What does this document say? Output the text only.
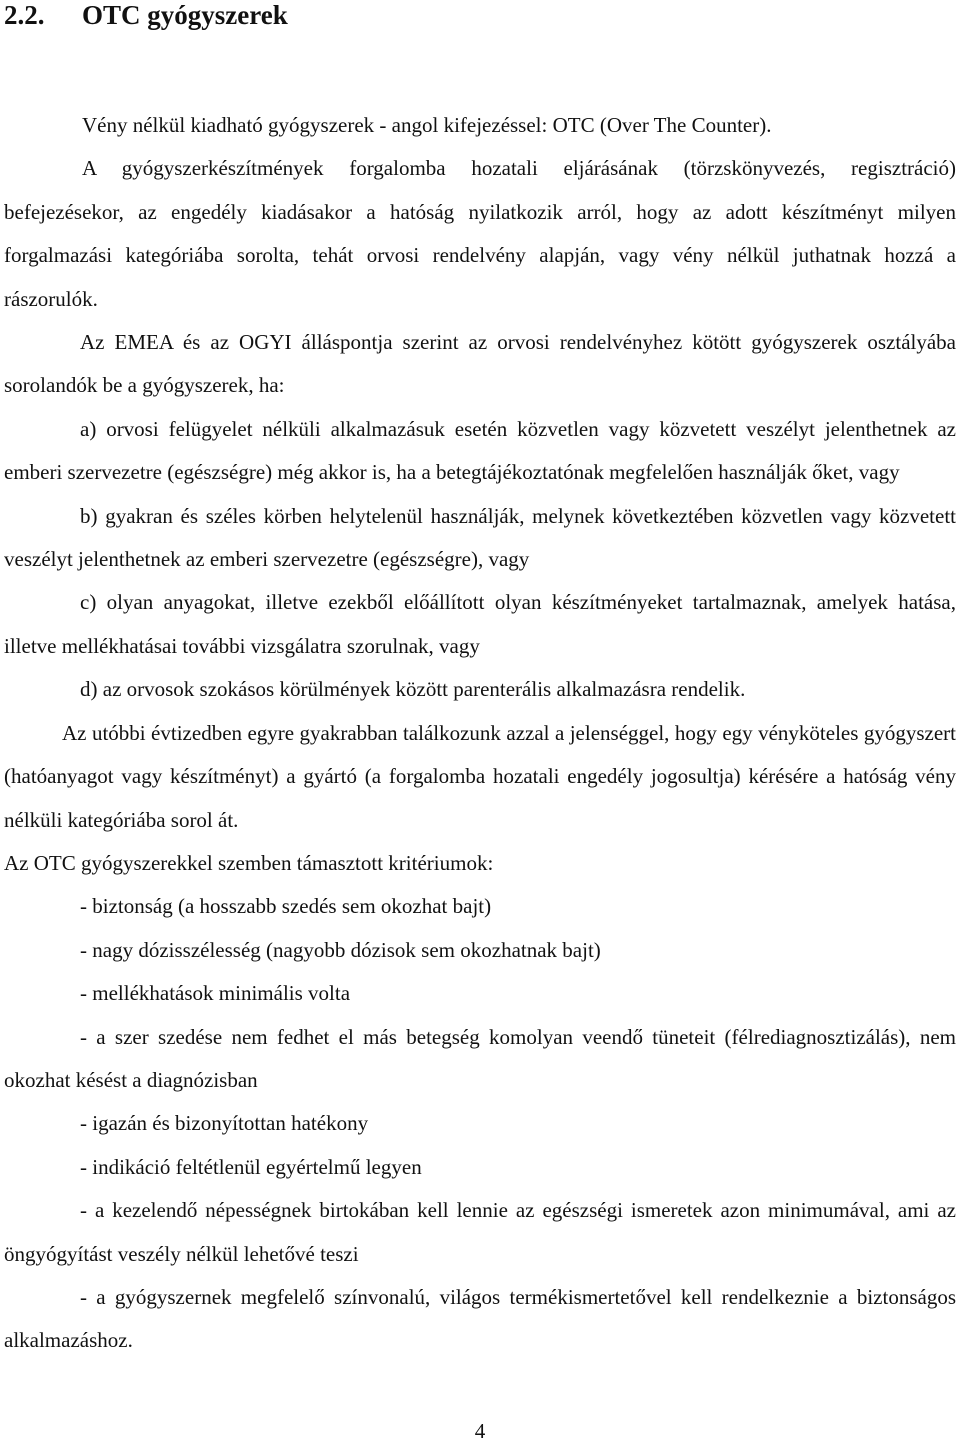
2.2. OTC gyógyszerek

Vény nélkül kiadható gyógyszerek - angol kifejezéssel: OTC (Over The Counter).

A gyógyszerkészítmények forgalomba hozatali eljárásának (törzskönyvezés, regisztráció) befejezésekor, az engedély kiadásakor a hatóság nyilatkozik arról, hogy az adott készítményt milyen forgalmazási kategóriába sorolta, tehát orvosi rendelvény alapján, vagy vény nélkül juthatnak hozzá a rászorulók.

Az EMEA és az OGYI álláspontja szerint az orvosi rendelvényhez kötött gyógyszerek osztályába sorolandók be a gyógyszerek, ha:

a) orvosi felügyelet nélküli alkalmazásuk esetén közvetlen vagy közvetett veszélyt jelenthetnek az emberi szervezetre (egészségre) még akkor is, ha a betegtájékoztatónak megfelelően használják őket, vagy

b) gyakran és széles körben helytelenül használják, melynek következtében közvetlen vagy közvetett veszélyt jelenthetnek az emberi szervezetre (egészségre), vagy

c) olyan anyagokat, illetve ezekből előállított olyan készítményeket tartalmaznak, amelyek hatása, illetve mellékhatásai további vizsgálatra szorulnak, vagy

d) az orvosok szokásos körülmények között parenterális alkalmazásra rendelik.

Az utóbbi évtizedben egyre gyakrabban találkozunk azzal a jelenséggel, hogy egy vényköteles gyógyszert (hatóanyagot vagy készítményt) a gyártó (a forgalomba hozatali engedély jogosultja) kérésére a hatóság vény nélküli kategóriába sorol át.

Az OTC gyógyszerekkel szemben támasztott kritériumok:

- biztonság (a hosszabb szedés sem okozhat bajt)

- nagy dózisszélesség (nagyobb dózisok sem okozhatnak bajt)

- mellékhatások minimális volta

- a szer szedése nem fedhet el más betegség komolyan veendő tüneteit (félrediagnosztizálás), nem okozhat késést a diagnózisban

- igazán és bizonyítottan hatékony

- indikáció feltétlenül egyértelmű legyen

- a kezelendő népességnek birtokában kell lennie az egészségi ismeretek azon minimumával, ami az öngyógyítást veszély nélkül lehetővé teszi

- a gyógyszernek megfelelő színvonalú, világos termékismertetővel kell rendelkeznie a biztonságos alkalmazáshoz.

4
